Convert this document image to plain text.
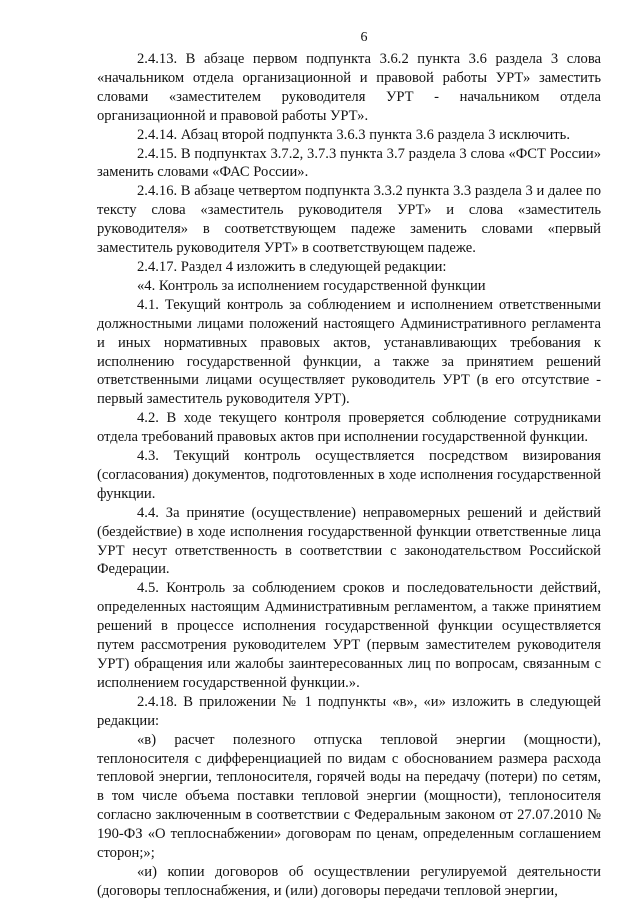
6

2.4.13. В абзаце первом подпункта 3.6.2 пункта 3.6 раздела 3 слова «начальником отдела организационной и правовой работы УРТ» заместить словами «заместителем руководителя УРТ - начальником отдела организационной и правовой работы УРТ».

2.4.14. Абзац второй подпункта 3.6.3 пункта 3.6 раздела 3 исключить.

2.4.15. В подпунктах 3.7.2, 3.7.3 пункта 3.7 раздела 3 слова «ФСТ России» заменить словами «ФАС России».

2.4.16. В абзаце четвертом подпункта 3.3.2 пункта 3.3 раздела 3 и далее по тексту слова «заместитель руководителя УРТ» и слова «заместитель руководителя» в соответствующем падеже заменить словами «первый заместитель руководителя УРТ» в соответствующем падеже.

2.4.17. Раздел 4 изложить в следующей редакции:

«4. Контроль за исполнением государственной функции

4.1. Текущий контроль за соблюдением и исполнением ответственными должностными лицами положений настоящего Административного регламента и иных нормативных правовых актов, устанавливающих требования к исполнению государственной функции, а также за принятием решений ответственными лицами осуществляет руководитель УРТ (в его отсутствие - первый заместитель руководителя УРТ).

4.2. В ходе текущего контроля проверяется соблюдение сотрудниками отдела требований правовых актов при исполнении государственной функции.

4.3. Текущий контроль осуществляется посредством визирования (согласования) документов, подготовленных в ходе исполнения государственной функции.

4.4. За принятие (осуществление) неправомерных решений и действий (бездействие) в ходе исполнения государственной функции ответственные лица УРТ несут ответственность в соответствии с законодательством Российской Федерации.

4.5. Контроль за соблюдением сроков и последовательности действий, определенных настоящим Административным регламентом, а также принятием решений в процессе исполнения государственной функции осуществляется путем рассмотрения руководителем УРТ (первым заместителем руководителя УРТ) обращения или жалобы заинтересованных лиц по вопросам, связанным с исполнением государственной функции.».

2.4.18. В приложении № 1 подпункты «в», «и» изложить в следующей редакции:

«в) расчет полезного отпуска тепловой энергии (мощности), теплоносителя с дифференциацией по видам с обоснованием размера расхода тепловой энергии, теплоносителя, горячей воды на передачу (потери) по сетям, в том числе объема поставки тепловой энергии (мощности), теплоносителя согласно заключенным в соответствии с Федеральным законом от 27.07.2010 № 190-ФЗ «О теплоснабжении» договорам по ценам, определенным соглашением сторон;»;

«и) копии договоров об осуществлении регулируемой деятельности (договоры теплоснабжения, и (или) договоры передачи тепловой энергии,
